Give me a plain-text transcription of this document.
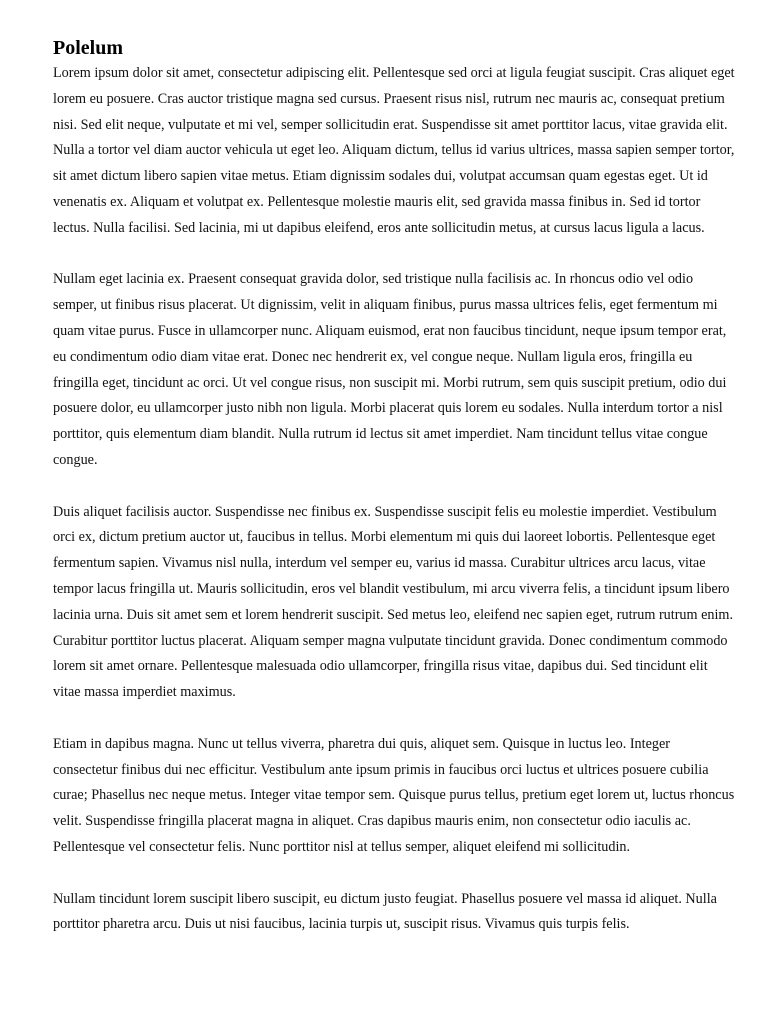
Polelum

Lorem ipsum dolor sit amet, consectetur adipiscing elit. Pellentesque sed orci at ligula feugiat suscipit. Cras aliquet eget lorem eu posuere. Cras auctor tristique magna sed cursus. Praesent risus nisl, rutrum nec mauris ac, consequat pretium nisi. Sed elit neque, vulputate et mi vel, semper sollicitudin erat. Suspendisse sit amet porttitor lacus, vitae gravida elit. Nulla a tortor vel diam auctor vehicula ut eget leo. Aliquam dictum, tellus id varius ultrices, massa sapien semper tortor, sit amet dictum libero sapien vitae metus. Etiam dignissim sodales dui, volutpat accumsan quam egestas eget. Ut id venenatis ex. Aliquam et volutpat ex. Pellentesque molestie mauris elit, sed gravida massa finibus in. Sed id tortor lectus. Nulla facilisi. Sed lacinia, mi ut dapibus eleifend, eros ante sollicitudin metus, at cursus lacus ligula a lacus.

Nullam eget lacinia ex. Praesent consequat gravida dolor, sed tristique nulla facilisis ac. In rhoncus odio vel odio semper, ut finibus risus placerat. Ut dignissim, velit in aliquam finibus, purus massa ultrices felis, eget fermentum mi quam vitae purus. Fusce in ullamcorper nunc. Aliquam euismod, erat non faucibus tincidunt, neque ipsum tempor erat, eu condimentum odio diam vitae erat. Donec nec hendrerit ex, vel congue neque. Nullam ligula eros, fringilla eu fringilla eget, tincidunt ac orci. Ut vel congue risus, non suscipit mi. Morbi rutrum, sem quis suscipit pretium, odio dui posuere dolor, eu ullamcorper justo nibh non ligula. Morbi placerat quis lorem eu sodales. Nulla interdum tortor a nisl porttitor, quis elementum diam blandit. Nulla rutrum id lectus sit amet imperdiet. Nam tincidunt tellus vitae congue congue.

Duis aliquet facilisis auctor. Suspendisse nec finibus ex. Suspendisse suscipit felis eu molestie imperdiet. Vestibulum orci ex, dictum pretium auctor ut, faucibus in tellus. Morbi elementum mi quis dui laoreet lobortis. Pellentesque eget fermentum sapien. Vivamus nisl nulla, interdum vel semper eu, varius id massa. Curabitur ultrices arcu lacus, vitae tempor lacus fringilla ut. Mauris sollicitudin, eros vel blandit vestibulum, mi arcu viverra felis, a tincidunt ipsum libero lacinia urna. Duis sit amet sem et lorem hendrerit suscipit. Sed metus leo, eleifend nec sapien eget, rutrum rutrum enim. Curabitur porttitor luctus placerat. Aliquam semper magna vulputate tincidunt gravida. Donec condimentum commodo lorem sit amet ornare. Pellentesque malesuada odio ullamcorper, fringilla risus vitae, dapibus dui. Sed tincidunt elit vitae massa imperdiet maximus.

Etiam in dapibus magna. Nunc ut tellus viverra, pharetra dui quis, aliquet sem. Quisque in luctus leo. Integer consectetur finibus dui nec efficitur. Vestibulum ante ipsum primis in faucibus orci luctus et ultrices posuere cubilia curae; Phasellus nec neque metus. Integer vitae tempor sem. Quisque purus tellus, pretium eget lorem ut, luctus rhoncus velit. Suspendisse fringilla placerat magna in aliquet. Cras dapibus mauris enim, non consectetur odio iaculis ac. Pellentesque vel consectetur felis. Nunc porttitor nisl at tellus semper, aliquet eleifend mi sollicitudin.

Nullam tincidunt lorem suscipit libero suscipit, eu dictum justo feugiat. Phasellus posuere vel massa id aliquet. Nulla porttitor pharetra arcu. Duis ut nisi faucibus, lacinia turpis ut, suscipit risus. Vivamus quis turpis felis.
